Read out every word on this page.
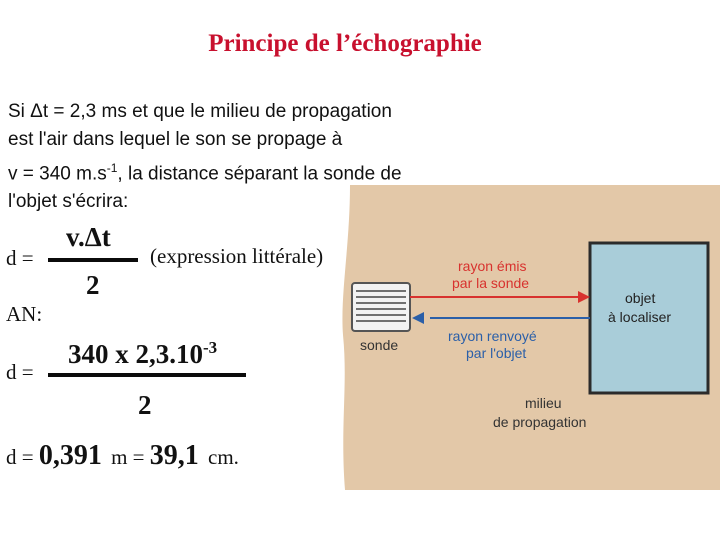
Principe de l’échographie
Si Δt = 2,3 ms et que le milieu de propagation
est l'air dans lequel le son se propage à
v = 340 $m.s^{-1}$, la distance séparant la sonde de
l'objet s'écrira:
rayon émis
par la sonde
rayon renvoyé
par l'objet
sonde
objet
à localiser
milieu
de propagation
d =
v.Δt
2
(expression littérale)
AN:
d =
340 x $2,3.10^{-3}$
2
d = 0,391 m = 39,1 cm.
